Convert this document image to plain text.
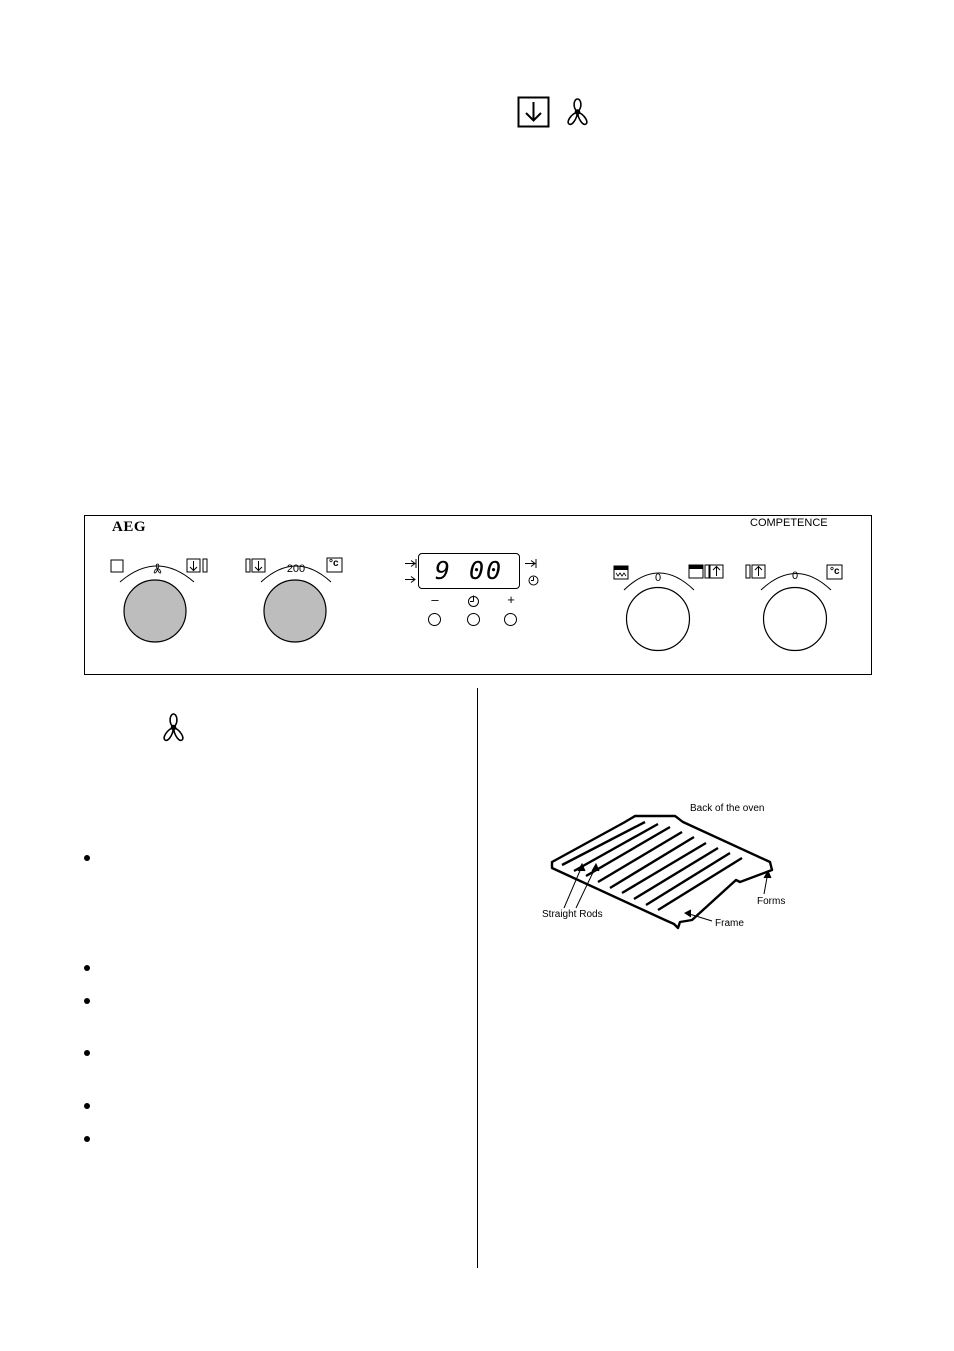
AEG	COMPETENCE
200	°c	9 00
–	+
0	0	°c
Back of the oven
Straight Rods
Forms
Frame
